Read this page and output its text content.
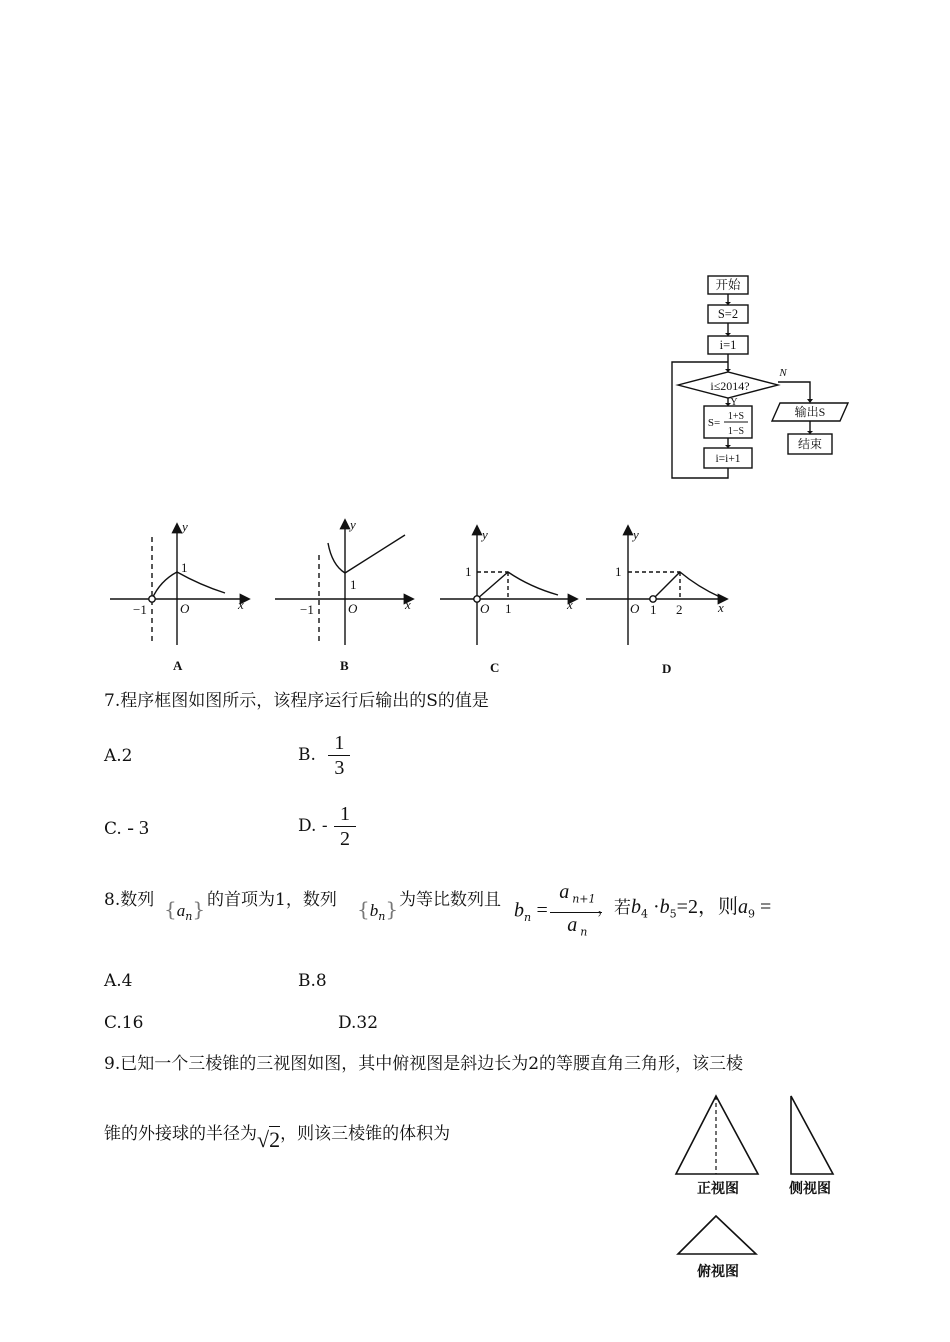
开始
S=2
i=1
i≤2014?
Y
N
S=
1+S
1−S
i=i+1
输出S
结束
y
x
−1	O
1
A
y
x
−1	O
1
B
y
x
O 1
1
C
y
x
O 1 2
1
D
7.程序框图如图所示，该程序运行后输出的S的值是
A.2	B. $\frac{1}{3}$
C. - 3	D. - $\frac{1}{2}$
8.数列 $\{a_n\}$ 的首项为1，数列 $\{b_n\}$ 为等比数列且 $b_n = \frac{a _{n+1}}{a _n}$
，若$b_4 \cdot b_5=2$，则$a_9$ =
A.4	B.8
C.16	D.32
9.已知一个三棱锥的三视图如图，其中俯视图是斜边长为2的等腰直角三角形，该三棱
锥的外接球的半径为√2，则该三棱锥的体积为
正视图	侧视图
俯视图
